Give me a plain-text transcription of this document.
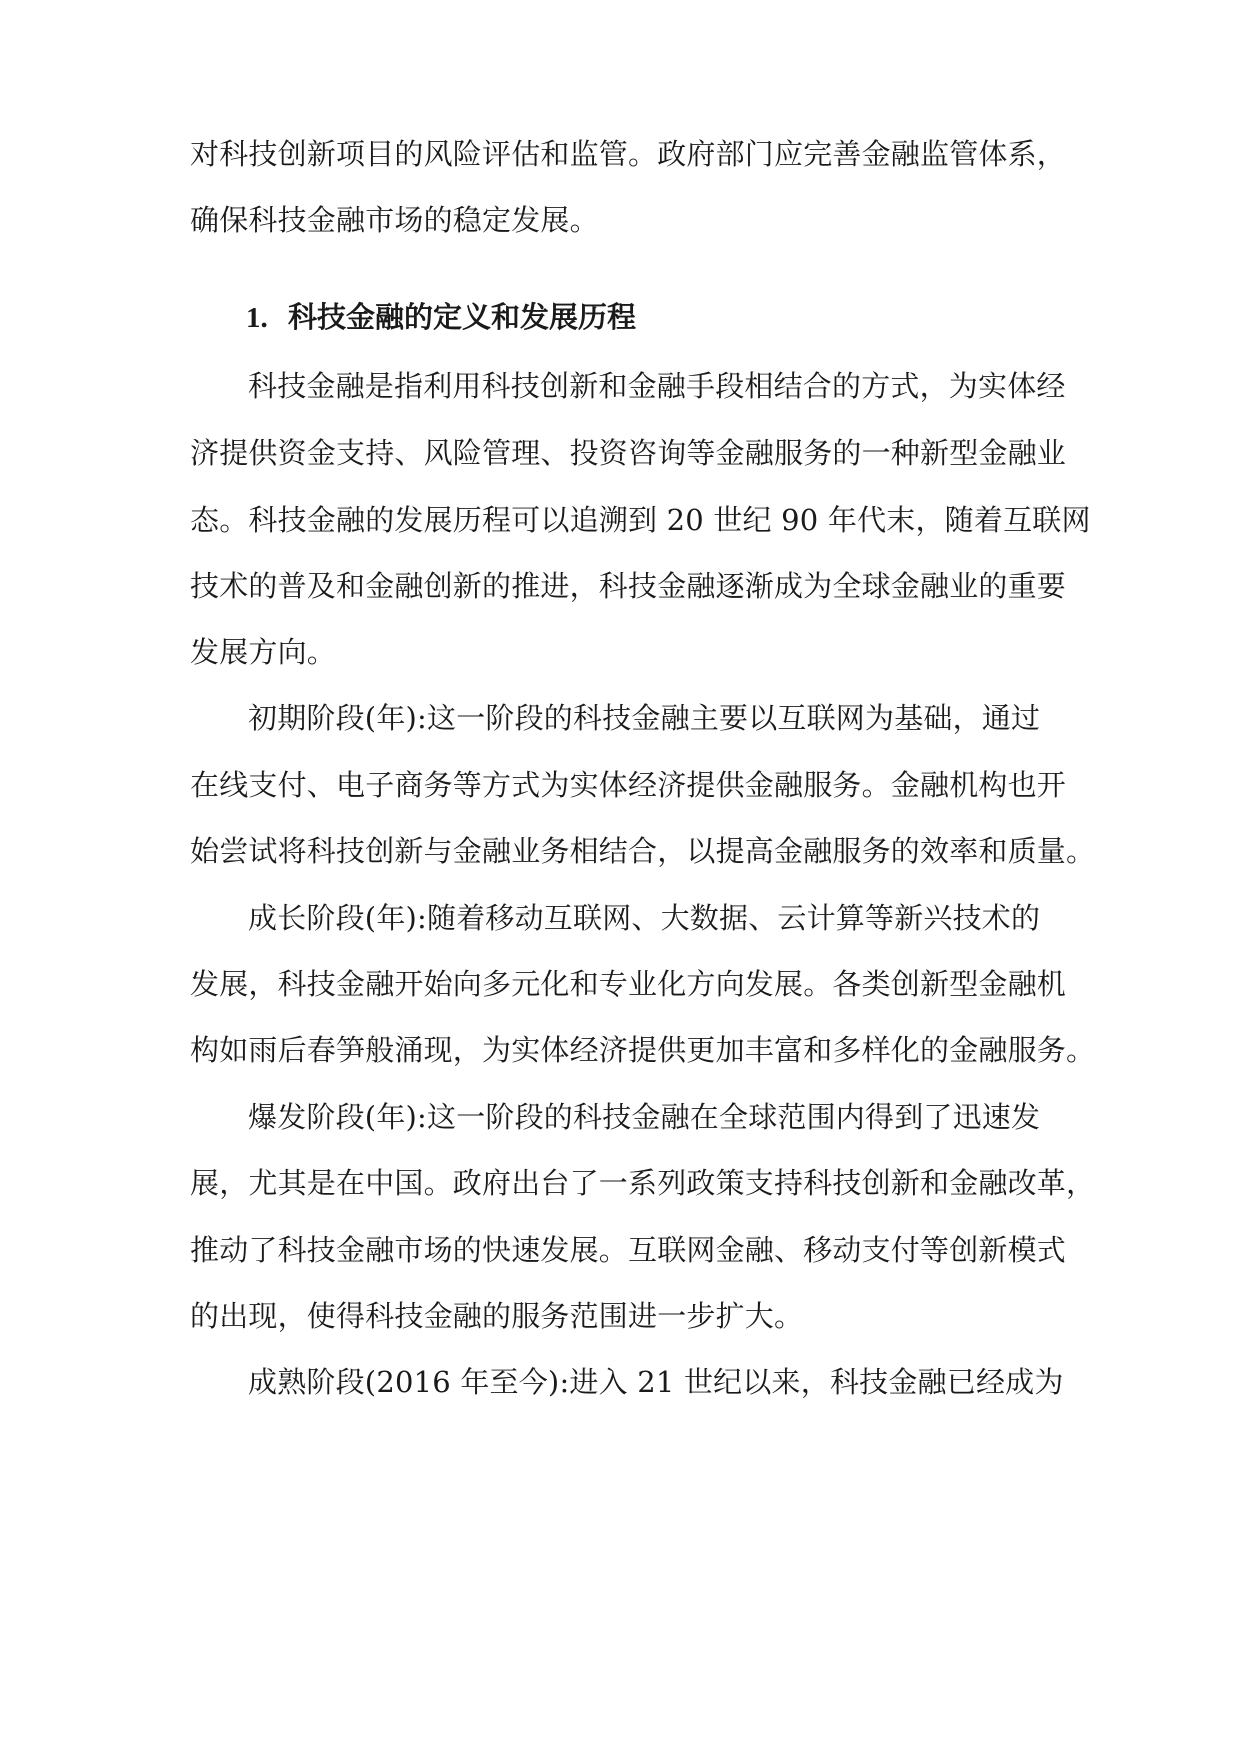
对科技创新项目的风险评估和监管。政府部门应完善金融监管体系，
确保科技金融市场的稳定发展。
1. 科技金融的定义和发展历程
科技金融是指利用科技创新和金融手段相结合的方式，为实体经
济提供资金支持、风险管理、投资咨询等金融服务的一种新型金融业
态。科技金融的发展历程可以追溯到 20 世纪 90 年代末，随着互联网
技术的普及和金融创新的推进，科技金融逐渐成为全球金融业的重要
发展方向。
初期阶段(年):这一阶段的科技金融主要以互联网为基础，通过
在线支付、电子商务等方式为实体经济提供金融服务。金融机构也开
始尝试将科技创新与金融业务相结合，以提高金融服务的效率和质量。
成长阶段(年):随着移动互联网、大数据、云计算等新兴技术的
发展，科技金融开始向多元化和专业化方向发展。各类创新型金融机
构如雨后春笋般涌现，为实体经济提供更加丰富和多样化的金融服务。
爆发阶段(年):这一阶段的科技金融在全球范围内得到了迅速发
展，尤其是在中国。政府出台了一系列政策支持科技创新和金融改革，
推动了科技金融市场的快速发展。互联网金融、移动支付等创新模式
的出现，使得科技金融的服务范围进一步扩大。
成熟阶段(2016 年至今):进入 21 世纪以来，科技金融已经成为
